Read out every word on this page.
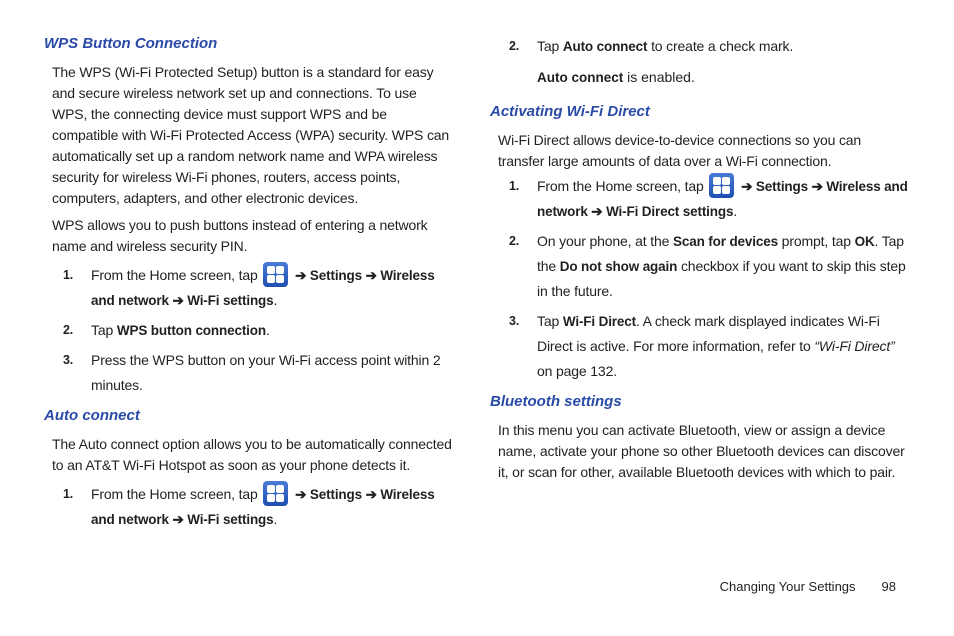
WPS Button Connection

The WPS (Wi-Fi Protected Setup) button is a standard for easy and secure wireless network set up and connections. To use WPS, the connecting device must support WPS and be compatible with Wi-Fi Protected Access (WPA) security. WPS can automatically set up a random network name and WPA wireless security for wireless Wi-Fi phones, routers, access points, computers, adapters, and other electronic devices.

WPS allows you to push buttons instead of entering a network name and wireless security PIN.

1.	From the Home screen, tap	➔ Settings ➔ Wireless and network ➔ Wi-Fi settings.
2.	Tap WPS button connection.
3.	Press the WPS button on your Wi-Fi access point within 2 minutes.
Auto connect

The Auto connect option allows you to be automatically connected to an AT&T Wi-Fi Hotspot as soon as your phone detects it.

1.	From the Home screen, tap	➔ Settings ➔ Wireless and network ➔ Wi-Fi settings.
2.	Tap Auto connect to create a check mark.

Auto connect is enabled.

Activating Wi-Fi Direct

Wi-Fi Direct allows device-to-device connections so you can transfer large amounts of data over a Wi-Fi connection.

1.	From the Home screen, tap	➔ Settings ➔ Wireless and network ➔ Wi-Fi Direct settings.
2.	On your phone, at the Scan for devices prompt, tap OK. Tap the Do not show again checkbox if you want to skip this step in the future.
3.	Tap Wi-Fi Direct. A check mark displayed indicates Wi-Fi Direct is active. For more information, refer to “Wi-Fi Direct” on page 132.
Bluetooth settings

In this menu you can activate Bluetooth, view or assign a device name, activate your phone so other Bluetooth devices can discover it, or scan for other, available Bluetooth devices with which to pair.

Changing Your Settings 98
